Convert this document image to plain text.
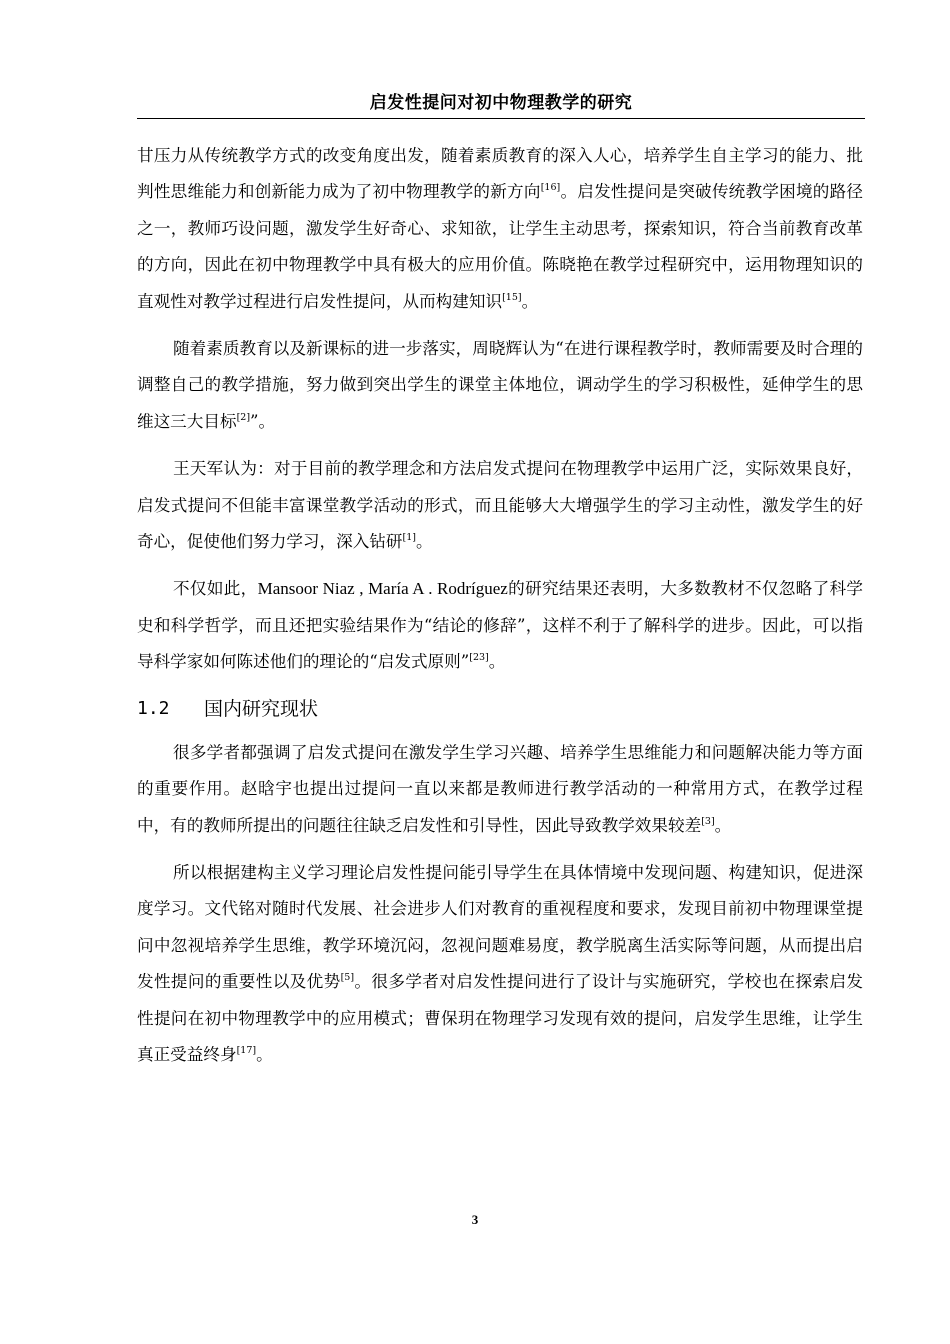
启发性提问对初中物理教学的研究

甘压力从传统教学方式的改变角度出发，随着素质教育的深入人心，培养学生自主学习的能力、批判性思维能力和创新能力成为了初中物理教学的新方向[16]。启发性提问是突破传统教学困境的路径之一，教师巧设问题，激发学生好奇心、求知欲，让学生主动思考，探索知识，符合当前教育改革的方向，因此在初中物理教学中具有极大的应用价值。陈晓艳在教学过程研究中，运用物理知识的直观性对教学过程进行启发性提问，从而构建知识[15]。

随着素质教育以及新课标的进一步落实，周晓辉认为“在进行课程教学时，教师需要及时合理的调整自己的教学措施，努力做到突出学生的课堂主体地位，调动学生的学习积极性，延伸学生的思维这三大目标[2]”。

王天军认为：对于目前的教学理念和方法启发式提问在物理教学中运用广泛，实际效果良好，启发式提问不但能丰富课堂教学活动的形式，而且能够大大增强学生的学习主动性，激发学生的好奇心，促使他们努力学习，深入钻研[1]。

不仅如此，Mansoor Niaz , María A . Rodríguez的研究结果还表明，大多数教材不仅忽略了科学史和科学哲学，而且还把实验结果作为“结论的修辞”，这样不利于了解科学的进步。因此，可以指导科学家如何陈述他们的理论的“启发式原则”[23]。

1.2	国内研究现状

很多学者都强调了启发式提问在激发学生学习兴趣、培养学生思维能力和问题解决能力等方面的重要作用。赵晗宇也提出过提问一直以来都是教师进行教学活动的一种常用方式，在教学过程中，有的教师所提出的问题往往缺乏启发性和引导性，因此导致教学效果较差[3]。

所以根据建构主义学习理论启发性提问能引导学生在具体情境中发现问题、构建知识，促进深度学习。文代铭对随时代发展、社会进步人们对教育的重视程度和要求，发现目前初中物理课堂提问中忽视培养学生思维，教学环境沉闷，忽视问题难易度，教学脱离生活实际等问题，从而提出启发性提问的重要性以及优势[5]。很多学者对启发性提问进行了设计与实施研究，学校也在探索启发性提问在初中物理教学中的应用模式；曹保玥在物理学习发现有效的提问，启发学生思维，让学生真正受益终身[17]。

3
